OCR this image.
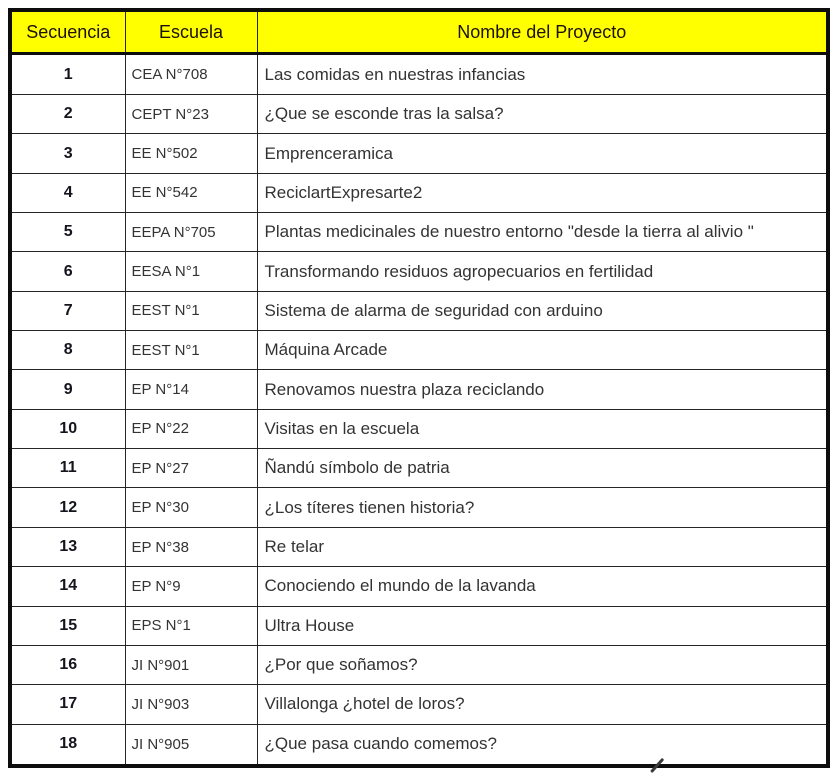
Secuencia	Escuela	Nombre del Proyecto
1	CEA N°708	Las comidas en nuestras infancias
2	CEPT N°23	¿Que se esconde tras la salsa?
3	EE N°502	Emprenceramica
4	EE N°542	ReciclartExpresarte2
5	EEPA N°705	Plantas medicinales de nuestro entorno "desde la tierra al alivio "
6	EESA N°1	Transformando residuos agropecuarios en fertilidad
7	EEST N°1	Sistema de alarma de seguridad con arduino
8	EEST N°1	Máquina Arcade
9	EP N°14	Renovamos nuestra plaza reciclando
10	EP N°22	Visitas en la escuela
11	EP N°27	Ñandú símbolo de patria
12	EP N°30	¿Los títeres tienen historia?
13	EP N°38	Re telar
14	EP N°9	Conociendo el mundo de la lavanda
15	EPS N°1	Ultra House
16	JI N°901	¿Por que soñamos?
17	JI N°903	Villalonga ¿hotel de loros?
18	JI N°905	¿Que pasa cuando comemos?
